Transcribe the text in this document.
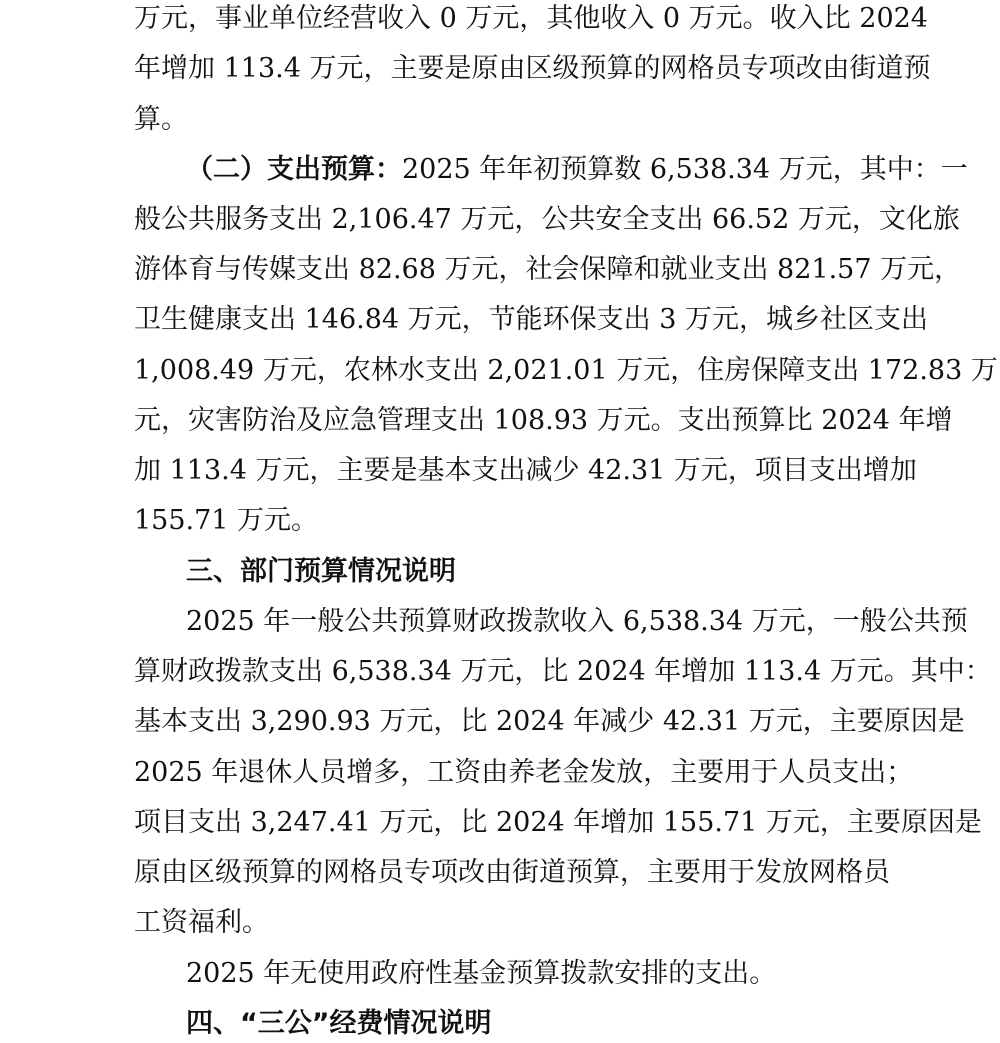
万元，事业单位经营收入 0 万元，其他收入 0 万元。收入比 2024
年增加 113.4 万元，主要是原由区级预算的网格员专项改由街道预
算。
（二）支出预算：2025 年年初预算数 6,538.34 万元，其中：一
般公共服务支出 2,106.47 万元，公共安全支出 66.52 万元，文化旅
游体育与传媒支出 82.68 万元，社会保障和就业支出 821.57 万元，
卫生健康支出 146.84 万元，节能环保支出 3 万元，城乡社区支出
1,008.49 万元，农林水支出 2,021.01 万元，住房保障支出 172.83 万
元，灾害防治及应急管理支出 108.93 万元。支出预算比 2024 年增
加 113.4 万元，主要是基本支出减少 42.31 万元，项目支出增加
155.71 万元。
三、部门预算情况说明
2025 年一般公共预算财政拨款收入 6,538.34 万元，一般公共预
算财政拨款支出 6,538.34 万元，比 2024 年增加 113.4 万元。其中：
基本支出 3,290.93 万元，比 2024 年减少 42.31 万元，主要原因是
2025 年退休人员增多，工资由养老金发放，主要用于人员支出；
项目支出 3,247.41 万元，比 2024 年增加 155.71 万元，主要原因是
原由区级预算的网格员专项改由街道预算，主要用于发放网格员
工资福利。
2025 年无使用政府性基金预算拨款安排的支出。
四、“三公”经费情况说明
